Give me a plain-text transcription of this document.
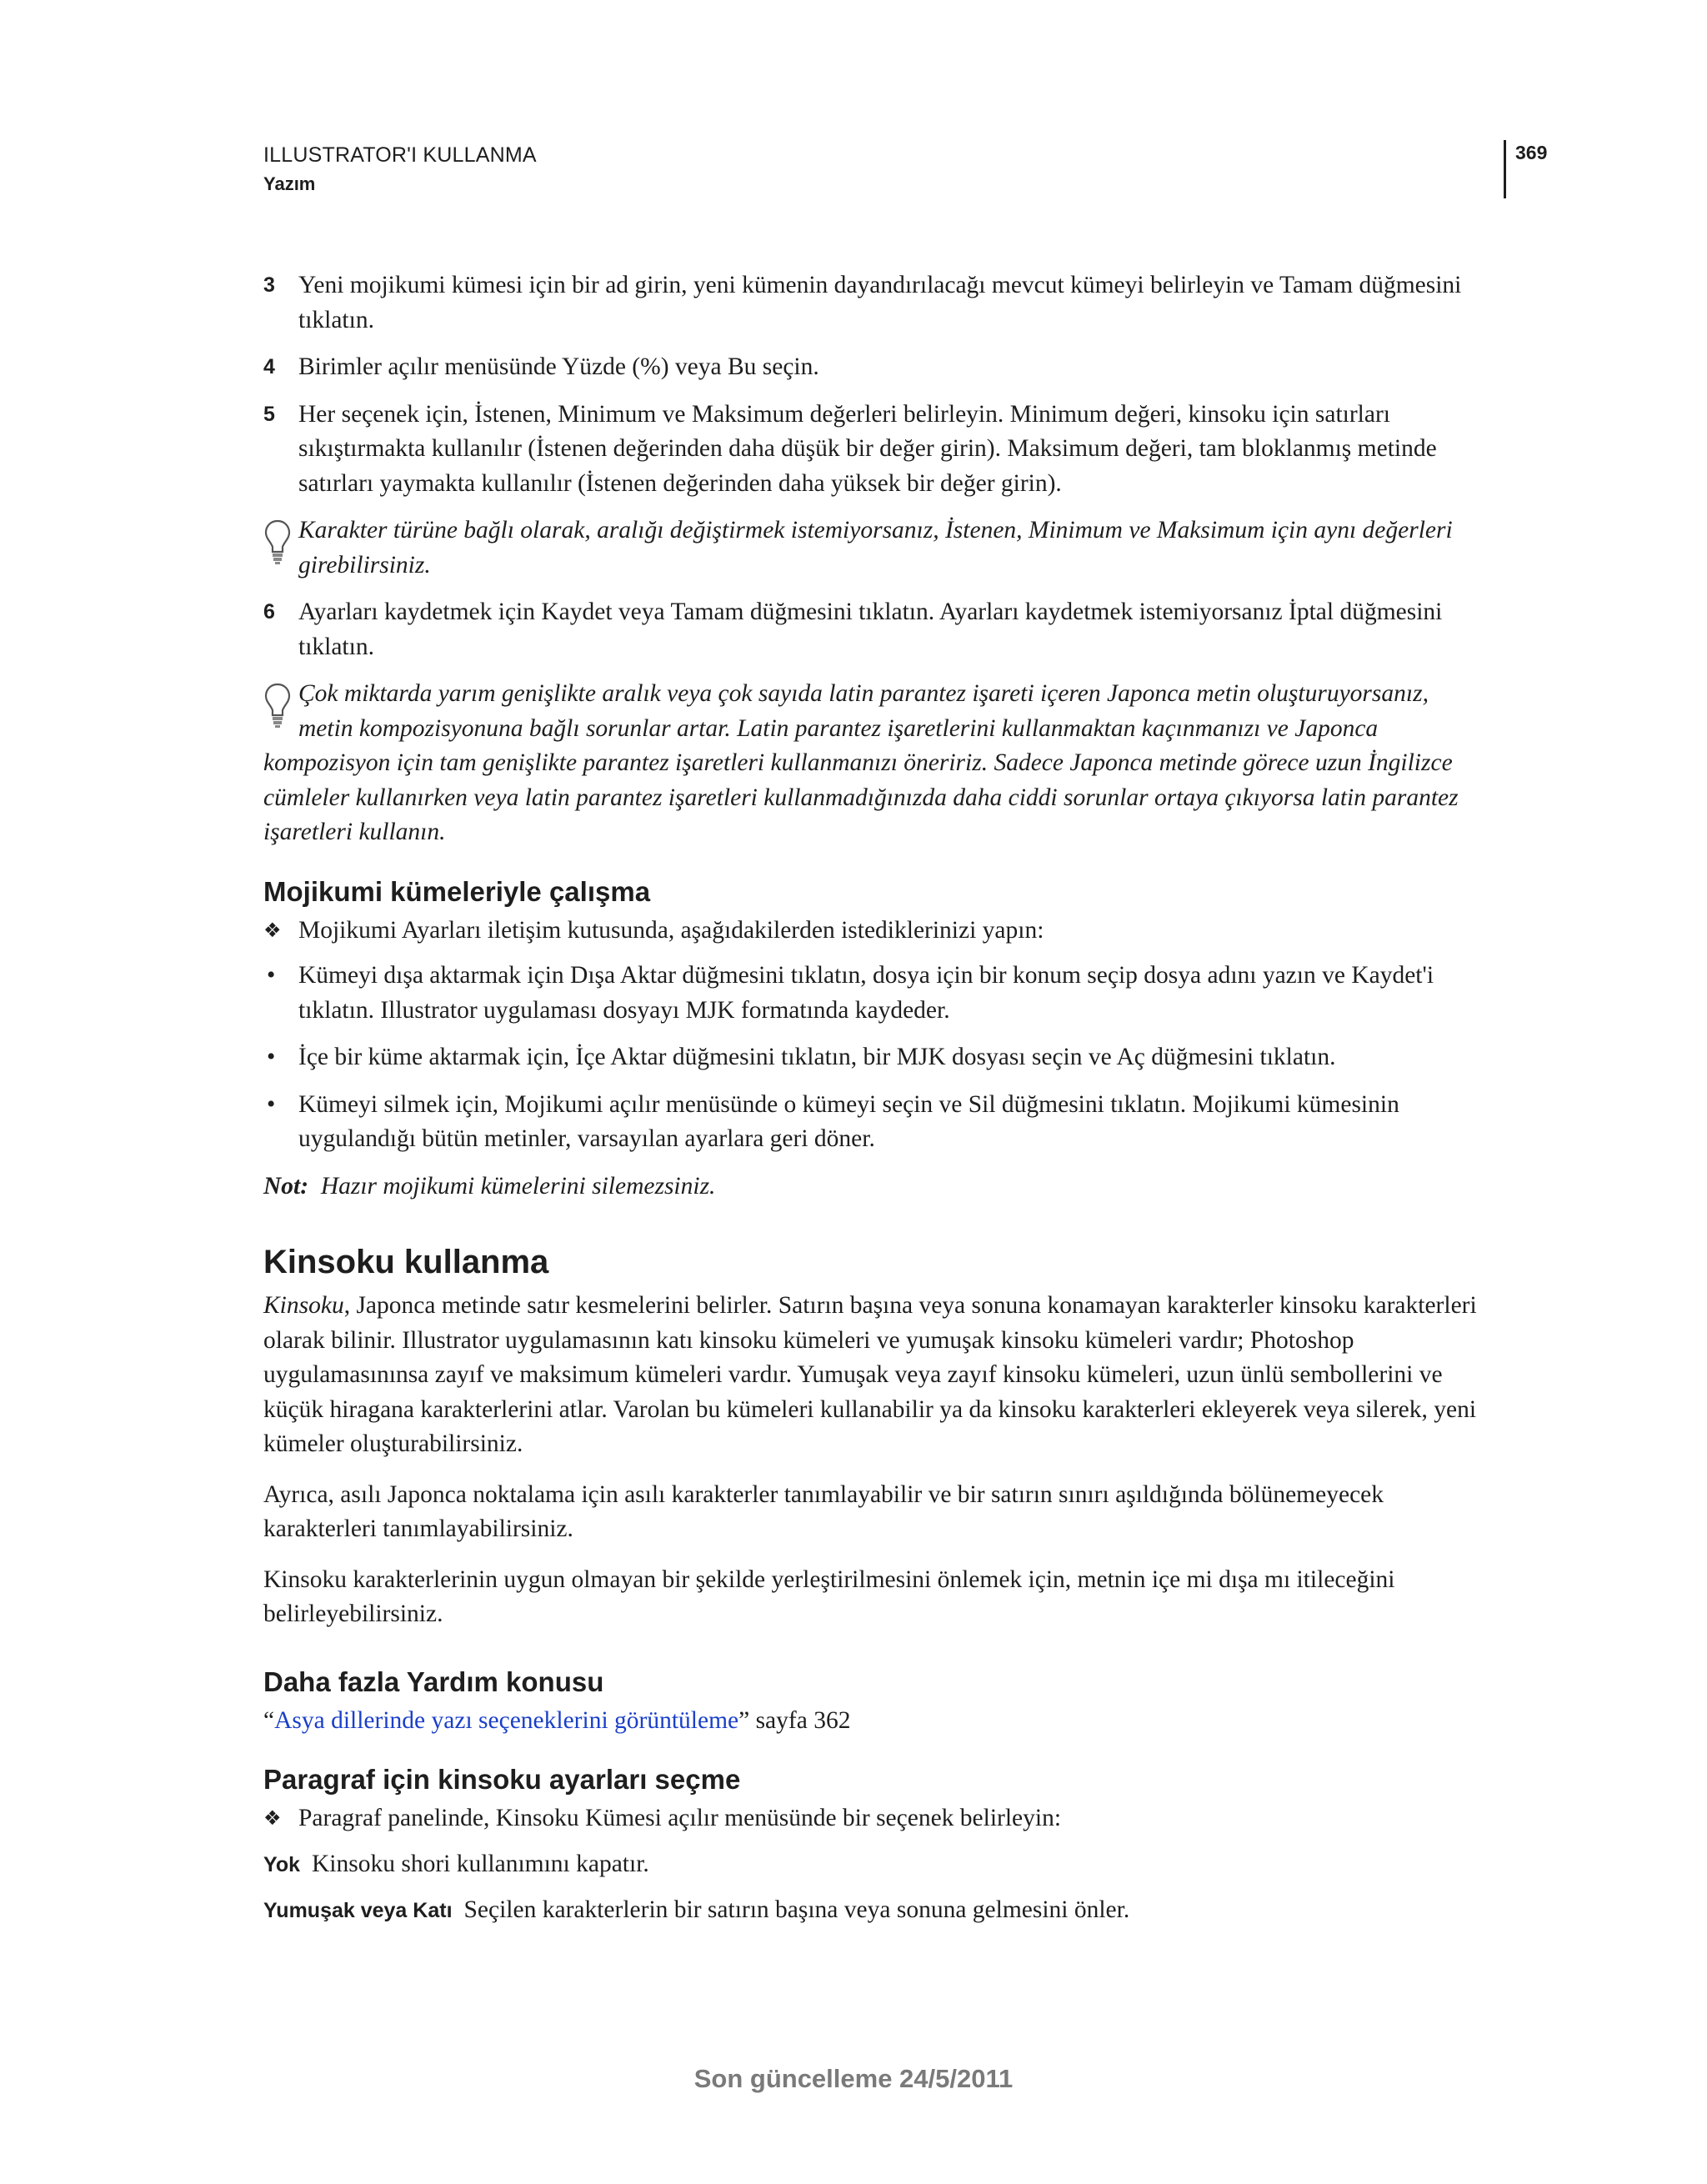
ILLUSTRATOR'I KULLANMA
Yazım
369
3 Yeni mojikumi kümesi için bir ad girin, yeni kümenin dayandırılacağı mevcut kümeyi belirleyin ve Tamam düğmesini tıklatın.
4 Birimler açılır menüsünde Yüzde (%) veya Bu seçin.
5 Her seçenek için, İstenen, Minimum ve Maksimum değerleri belirleyin. Minimum değeri, kinsoku için satırları sıkıştırmakta kullanılır (İstenen değerinden daha düşük bir değer girin). Maksimum değeri, tam bloklanmış metinde satırları yaymakta kullanılır (İstenen değerinden daha yüksek bir değer girin).
Karakter türüne bağlı olarak, aralığı değiştirmek istemiyorsanız, İstenen, Minimum ve Maksimum için aynı değerleri girebilirsiniz.
6 Ayarları kaydetmek için Kaydet veya Tamam düğmesini tıklatın. Ayarları kaydetmek istemiyorsanız İptal düğmesini tıklatın.
Çok miktarda yarım genişlikte aralık veya çok sayıda latin parantez işareti içeren Japonca metin oluşturuyorsanız,
metin kompozisyonuna bağlı sorunlar artar. Latin parantez işaretlerini kullanmaktan kaçınmanızı ve Japonca
kompozisyon için tam genişlikte parantez işaretleri kullanmanızı öneririz. Sadece Japonca metinde görece uzun İngilizce cümleler kullanırken veya latin parantez işaretleri kullanmadığınızda daha ciddi sorunlar ortaya çıkıyorsa latin parantez işaretleri kullanın.
Mojikumi kümeleriyle çalışma
❖ Mojikumi Ayarları iletişim kutusunda, aşağıdakilerden istediklerinizi yapın:
• Kümeyi dışa aktarmak için Dışa Aktar düğmesini tıklatın, dosya için bir konum seçip dosya adını yazın ve Kaydet'i tıklatın. Illustrator uygulaması dosyayı MJK formatında kaydeder.
• İçe bir küme aktarmak için, İçe Aktar düğmesini tıklatın, bir MJK dosyası seçin ve Aç düğmesini tıklatın.
• Kümeyi silmek için, Mojikumi açılır menüsünde o kümeyi seçin ve Sil düğmesini tıklatın. Mojikumi kümesinin uygulandığı bütün metinler, varsayılan ayarlara geri döner.
Not: Hazır mojikumi kümelerini silemezsiniz.
Kinsoku kullanma

Kinsoku, Japonca metinde satır kesmelerini belirler. Satırın başına veya sonuna konamayan karakterler kinsoku karakterleri olarak bilinir. Illustrator uygulamasının katı kinsoku kümeleri ve yumuşak kinsoku kümeleri vardır; Photoshop uygulamasınınsa zayıf ve maksimum kümeleri vardır. Yumuşak veya zayıf kinsoku kümeleri, uzun ünlü sembollerini ve küçük hiragana karakterlerini atlar. Varolan bu kümeleri kullanabilir ya da kinsoku karakterleri ekleyerek veya silerek, yeni kümeler oluşturabilirsiniz.

Ayrıca, asılı Japonca noktalama için asılı karakterler tanımlayabilir ve bir satırın sınırı aşıldığında bölünemeyecek karakterleri tanımlayabilirsiniz.

Kinsoku karakterlerinin uygun olmayan bir şekilde yerleştirilmesini önlemek için, metnin içe mi dışa mı itileceğini belirleyebilirsiniz.

Daha fazla Yardım konusu
“Asya dillerinde yazı seçeneklerini görüntüleme” sayfa 362
Paragraf için kinsoku ayarları seçme
❖ Paragraf panelinde, Kinsoku Kümesi açılır menüsünde bir seçenek belirleyin:
Yok Kinsoku shori kullanımını kapatır.
Yumuşak veya Katı Seçilen karakterlerin bir satırın başına veya sonuna gelmesini önler.
Son güncelleme 24/5/2011
